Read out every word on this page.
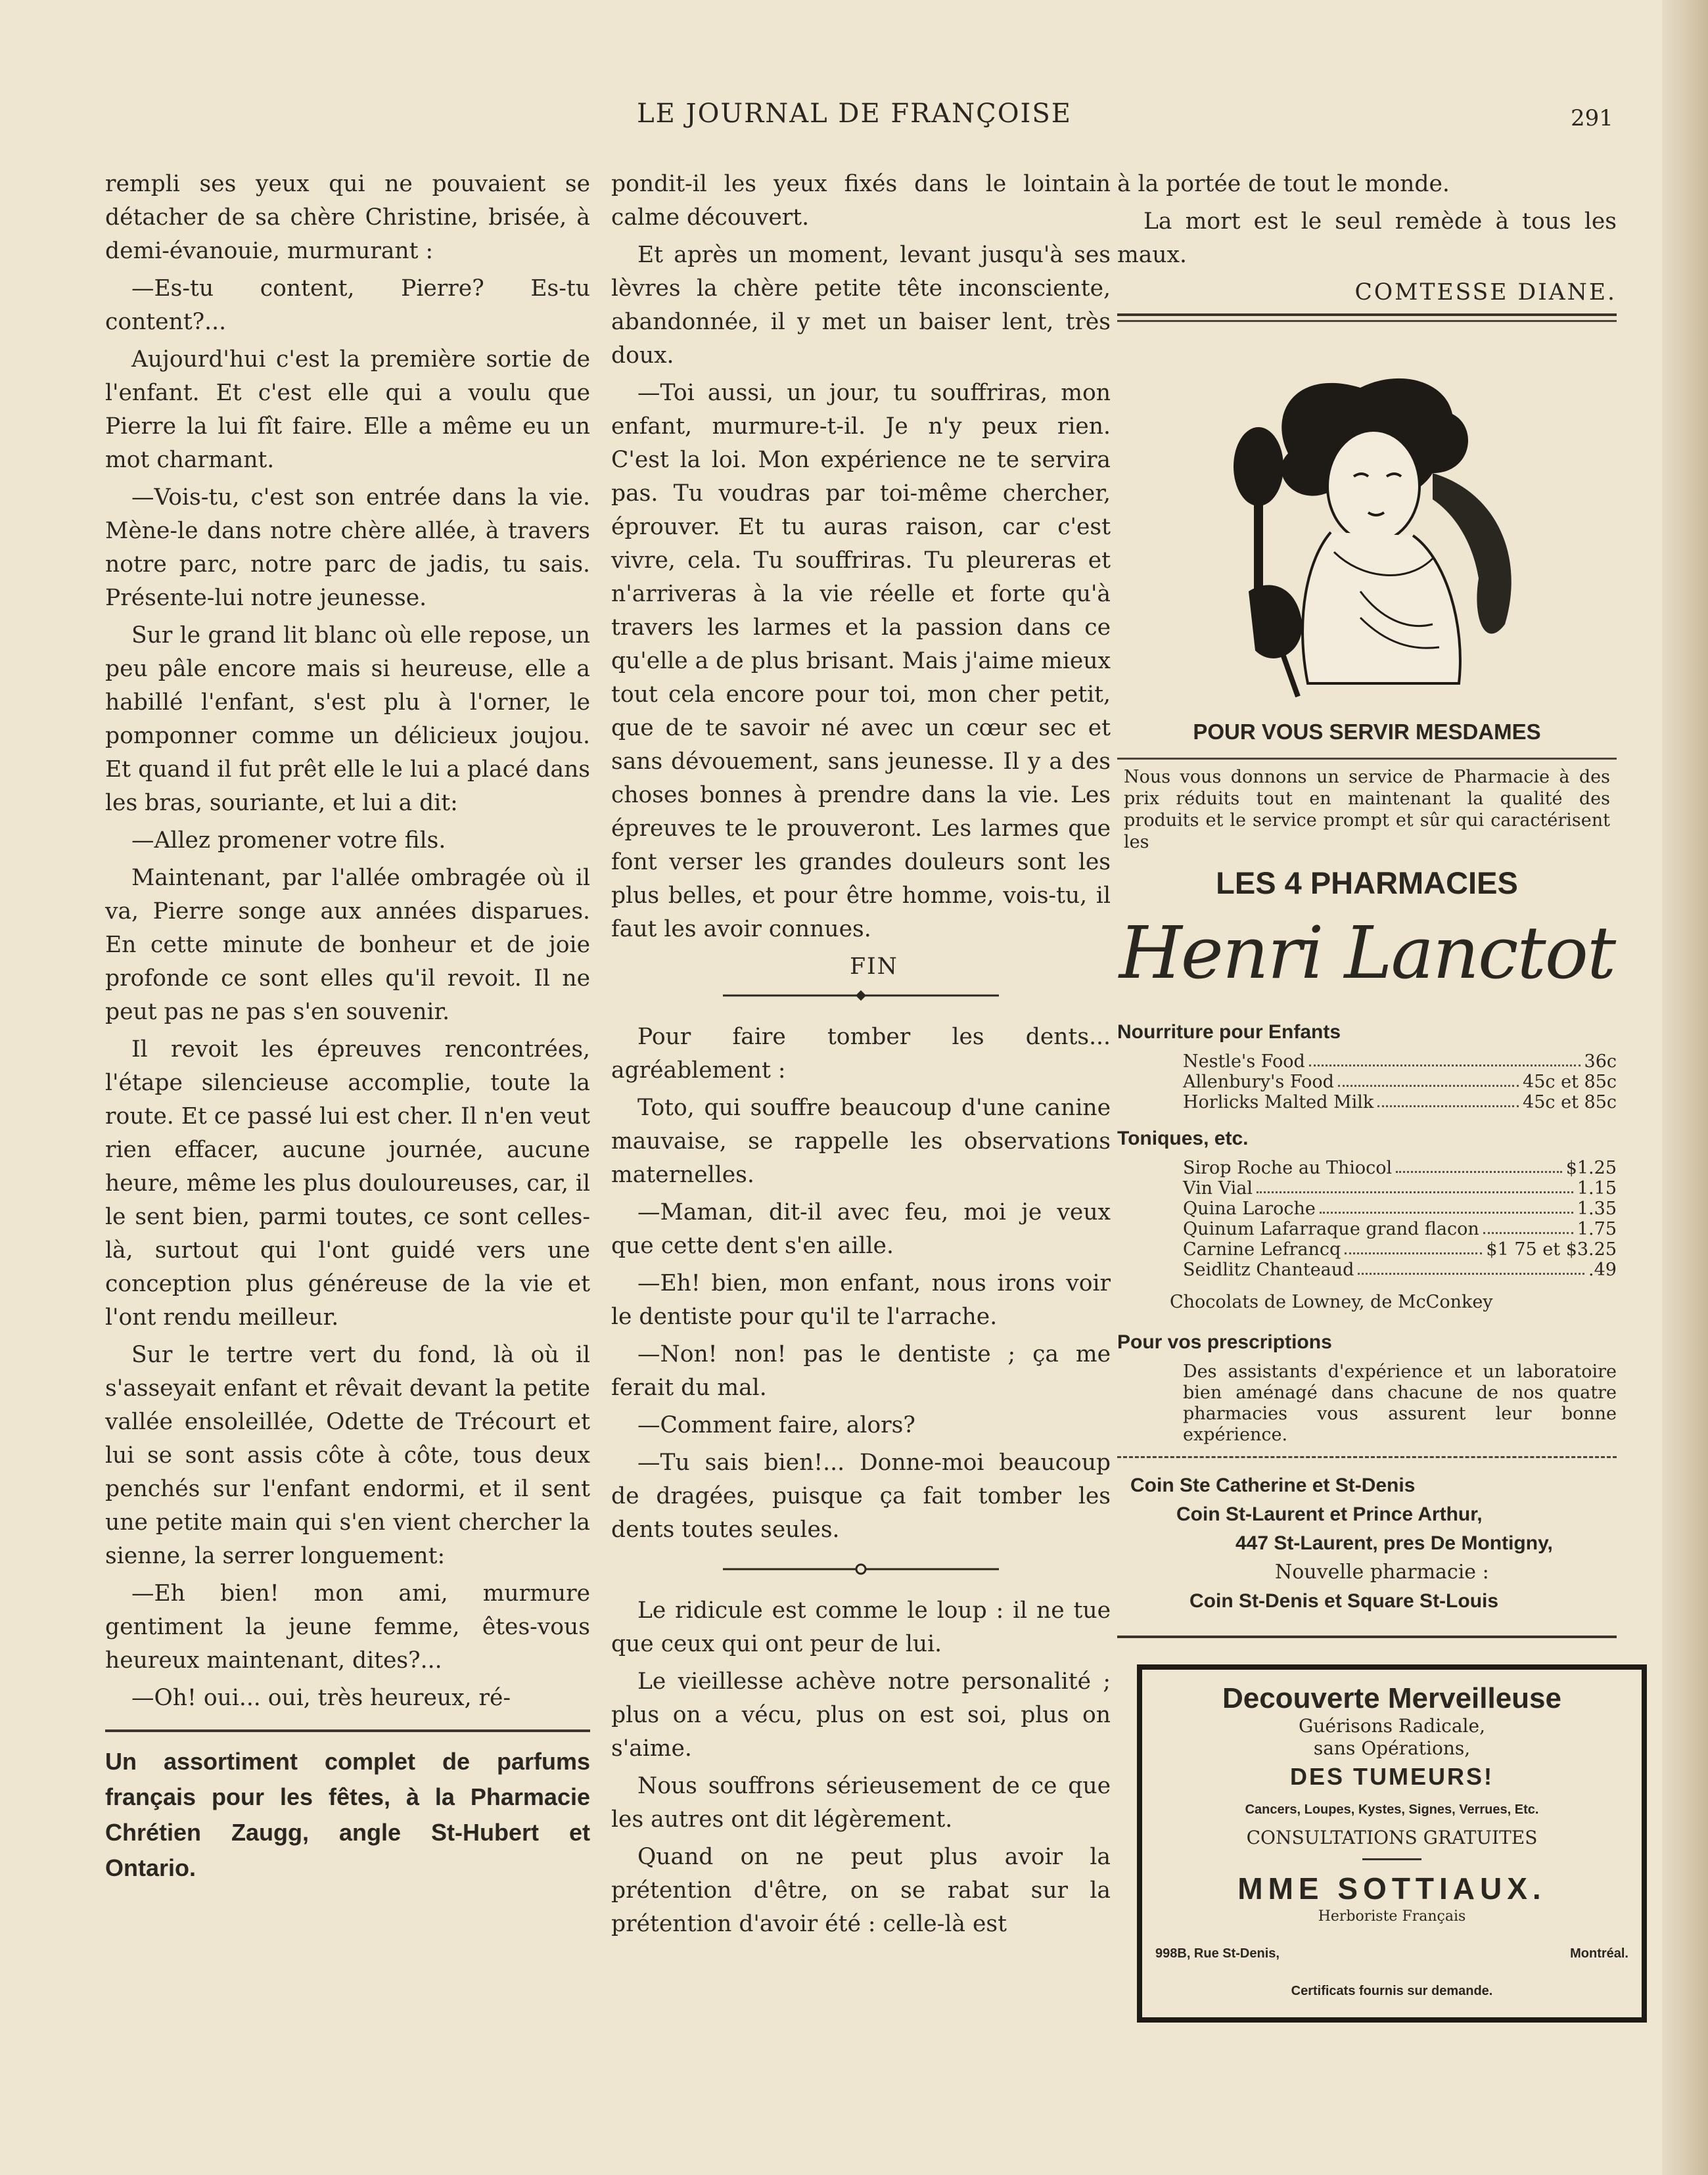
LE JOURNAL DE FRANÇOISE	291

rempli ses yeux qui ne pouvaient se détacher de sa chère Christine, brisée, à demi-évanouie, murmurant :

—Es-tu content, Pierre? Es-tu content?...

Aujourd'hui c'est la première sortie de l'enfant. Et c'est elle qui a voulu que Pierre la lui fît faire. Elle a même eu un mot charmant.

—Vois-tu, c'est son entrée dans la vie. Mène-le dans notre chère allée, à travers notre parc, notre parc de jadis, tu sais. Présente-lui notre jeunesse.

Sur le grand lit blanc où elle repose, un peu pâle encore mais si heureuse, elle a habillé l'enfant, s'est plu à l'orner, le pomponner comme un délicieux joujou. Et quand il fut prêt elle le lui a placé dans les bras, souriante, et lui a dit:

—Allez promener votre fils.

Maintenant, par l'allée ombragée où il va, Pierre songe aux années disparues. En cette minute de bonheur et de joie profonde ce sont elles qu'il revoit. Il ne peut pas ne pas s'en souvenir.

Il revoit les épreuves rencontrées, l'étape silencieuse accomplie, toute la route. Et ce passé lui est cher. Il n'en veut rien effacer, aucune journée, aucune heure, même les plus douloureuses, car, il le sent bien, parmi toutes, ce sont celles-là, surtout qui l'ont guidé vers une conception plus généreuse de la vie et l'ont rendu meilleur.

Sur le tertre vert du fond, là où il s'asseyait enfant et rêvait devant la petite vallée ensoleillée, Odette de Trécourt et lui se sont assis côte à côte, tous deux penchés sur l'enfant endormi, et il sent une petite main qui s'en vient chercher la sienne, la serrer longuement:

—Eh bien! mon ami, murmure gentiment la jeune femme, êtes-vous heureux maintenant, dites?...

—Oh! oui... oui, très heureux, ré-

Un assortiment complet de parfums français pour les fêtes, à la Pharmacie Chrétien Zaugg, angle St-Hubert et Ontario.

pondit-il les yeux fixés dans le lointain calme découvert.

Et après un moment, levant jusqu'à ses lèvres la chère petite tête inconsciente, abandonnée, il y met un baiser lent, très doux.

—Toi aussi, un jour, tu souffriras, mon enfant, murmure-t-il. Je n'y peux rien. C'est la loi. Mon expérience ne te servira pas. Tu voudras par toi-même chercher, éprouver. Et tu auras raison, car c'est vivre, cela. Tu souffriras. Tu pleureras et n'arriveras à la vie réelle et forte qu'à travers les larmes et la passion dans ce qu'elle a de plus brisant. Mais j'aime mieux tout cela encore pour toi, mon cher petit, que de te savoir né avec un cœur sec et sans dévouement, sans jeunesse. Il y a des choses bonnes à prendre dans la vie. Les épreuves te le prouveront. Les larmes que font verser les grandes douleurs sont les plus belles, et pour être homme, vois-tu, il faut les avoir connues.

FIN

Pour faire tomber les dents... agréablement :

Toto, qui souffre beaucoup d'une canine mauvaise, se rappelle les observations maternelles.

—Maman, dit-il avec feu, moi je veux que cette dent s'en aille.

—Eh! bien, mon enfant, nous irons voir le dentiste pour qu'il te l'arrache.

—Non! non! pas le dentiste ; ça me ferait du mal.

—Comment faire, alors?

—Tu sais bien!... Donne-moi beaucoup de dragées, puisque ça fait tomber les dents toutes seules.

Le ridicule est comme le loup : il ne tue que ceux qui ont peur de lui.

Le vieillesse achève notre personalité ; plus on a vécu, plus on est soi, plus on s'aime.

Nous souffrons sérieusement de ce que les autres ont dit légèrement.

Quand on ne peut plus avoir la prétention d'être, on se rabat sur la prétention d'avoir été : celle-là est

à la portée de tout le monde.

La mort est le seul remède à tous les maux.

COMTESSE DIANE.

POUR VOUS SERVIR MESDAMES
Nous vous donnons un service de Pharmacie à des prix réduits tout en maintenant la qualité des produits et le service prompt et sûr qui caractérisent les
LES 4 PHARMACIES
Henri Lanctot
Nourriture pour Enfants
Nestle's Food	36c
Allenbury's Food	45c et 85c
Horlicks Malted Milk	45c et 85c
Toniques, etc.
Sirop Roche au Thiocol	$1.25
Vin Vial	1.15
Quina Laroche	1.35
Quinum Lafarraque grand flacon	1.75
Carnine Lefrancq	$1 75 et $3.25
Seidlitz Chanteaud	.49
Chocolats de Lowney, de McConkey
Pour vos prescriptions
Des assistants d'expérience et un laboratoire bien aménagé dans chacune de nos quatre pharmacies vous assurent leur bonne expérience.
Coin Ste Catherine et St-Denis
Coin St-Laurent et Prince Arthur,
447 St-Laurent, pres De Montigny,
Nouvelle pharmacie :
Coin St-Denis et Square St-Louis
Decouverte Merveilleuse
Guérisons Radicale,
sans Opérations,
DES TUMEURS!
Cancers, Loupes, Kystes, Signes, Verrues, Etc.
CONSULTATIONS GRATUITES
MME SOTTIAUX.
Herboriste Français
998B, Rue St-Denis,	Montréal.
Certificats fournis sur demande.
